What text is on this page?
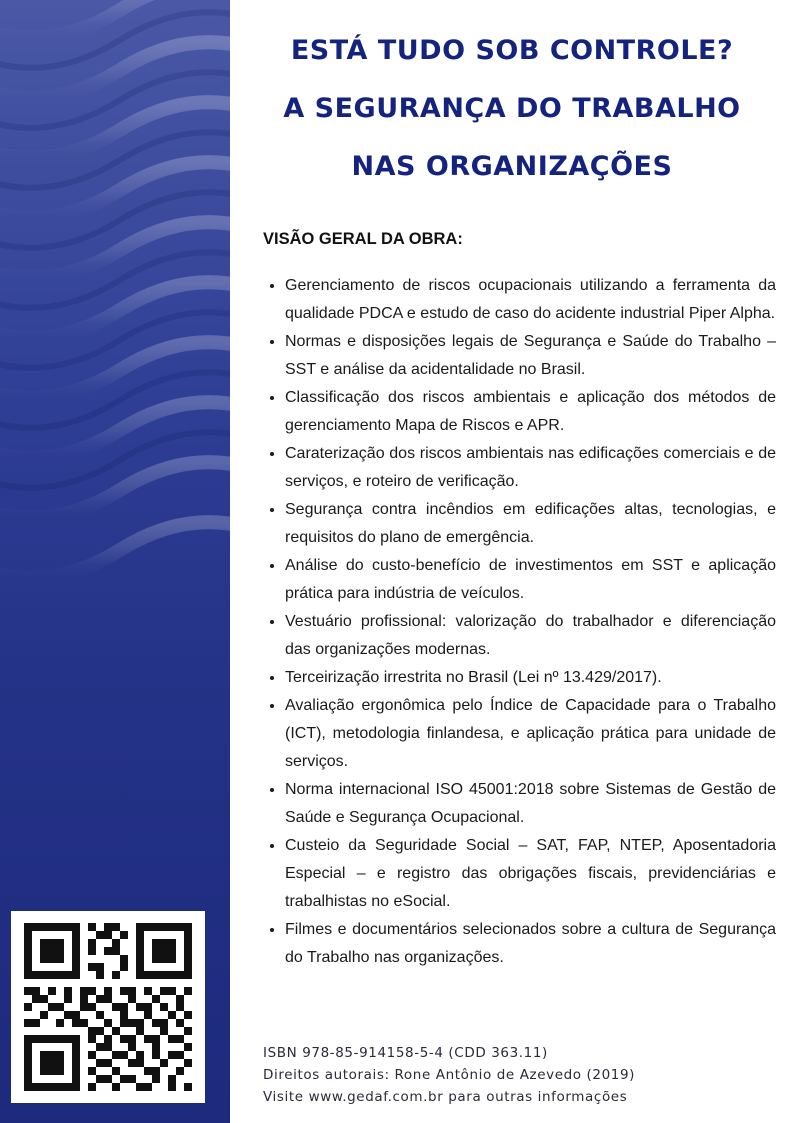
ESTÁ TUDO SOB CONTROLE?
A SEGURANÇA DO TRABALHO
NAS ORGANIZAÇÕES
VISÃO GERAL DA OBRA:
• Gerenciamento de riscos ocupacionais utilizando a ferramenta da qualidade PDCA e estudo de caso do acidente industrial Piper Alpha.
• Normas e disposições legais de Segurança e Saúde do Trabalho – SST e análise da acidentalidade no Brasil.
• Classificação dos riscos ambientais e aplicação dos métodos de gerenciamento Mapa de Riscos e APR.
• Caraterização dos riscos ambientais nas edificações comerciais e de serviços, e roteiro de verificação.
• Segurança contra incêndios em edificações altas, tecnologias, e requisitos do plano de emergência.
• Análise do custo-benefício de investimentos em SST e aplicação prática para indústria de veículos.
• Vestuário profissional: valorização do trabalhador e diferenciação das organizações modernas.
• Terceirização irrestrita no Brasil (Lei nº 13.429/2017).
• Avaliação ergonômica pelo Índice de Capacidade para o Trabalho (ICT), metodologia finlandesa, e aplicação prática para unidade de serviços.
• Norma internacional ISO 45001:2018 sobre Sistemas de Gestão de Saúde e Segurança Ocupacional.
• Custeio da Seguridade Social – SAT, FAP, NTEP, Aposentadoria Especial – e registro das obrigações fiscais, previdenciárias e trabalhistas no eSocial.
• Filmes e documentários selecionados sobre a cultura de Segurança do Trabalho nas organizações.
ISBN 978-85-914158-5-4 (CDD 363.11)
Direitos autorais: Rone Antônio de Azevedo (2019)
Visite www.gedaf.com.br para outras informações
